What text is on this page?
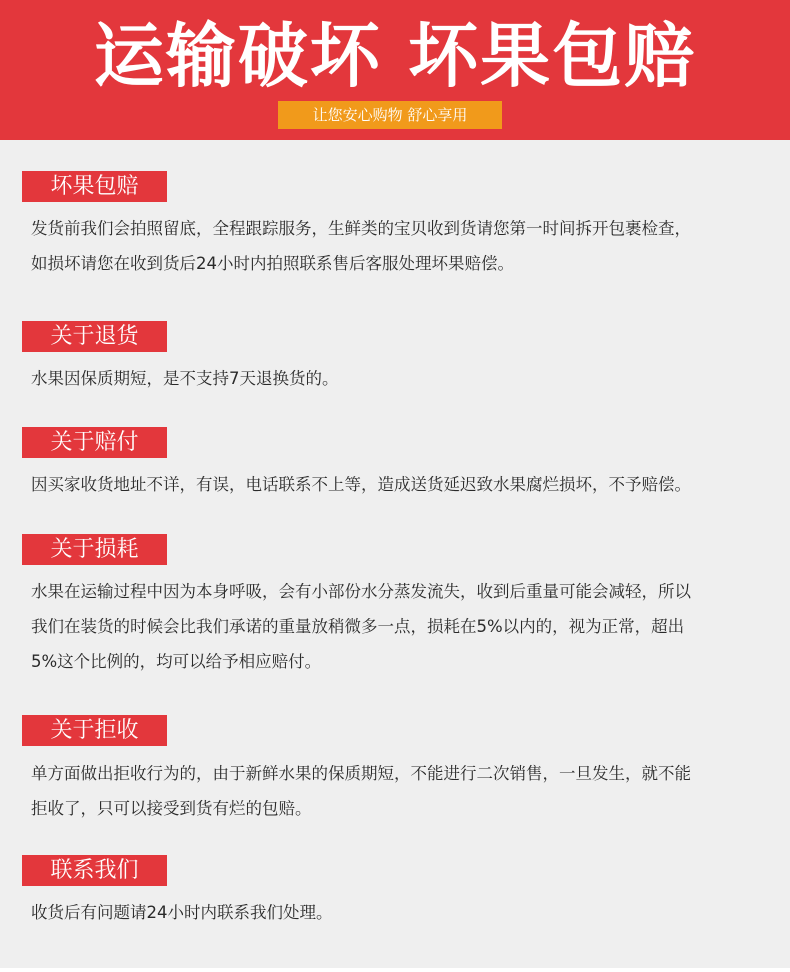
运输破坏 坏果包赔
让您安心购物 舒心享用
坏果包赔

发货前我们会拍照留底，全程跟踪服务，生鲜类的宝贝收到货请您第一时间拆开包裹检查，

如损坏请您在收到货后24小时内拍照联系售后客服处理坏果赔偿。

关于退货

水果因保质期短，是不支持7天退换货的。

关于赔付

因买家收货地址不详，有误，电话联系不上等，造成送货延迟致水果腐烂损坏，不予赔偿。

关于损耗

水果在运输过程中因为本身呼吸，会有小部份水分蒸发流失，收到后重量可能会减轻，所以

我们在装货的时候会比我们承诺的重量放稍微多一点，损耗在5%以内的，视为正常，超出

5%这个比例的，均可以给予相应赔付。

关于拒收

单方面做出拒收行为的，由于新鲜水果的保质期短，不能进行二次销售，一旦发生，就不能

拒收了，只可以接受到货有烂的包赔。

联系我们

收货后有问题请24小时内联系我们处理。
